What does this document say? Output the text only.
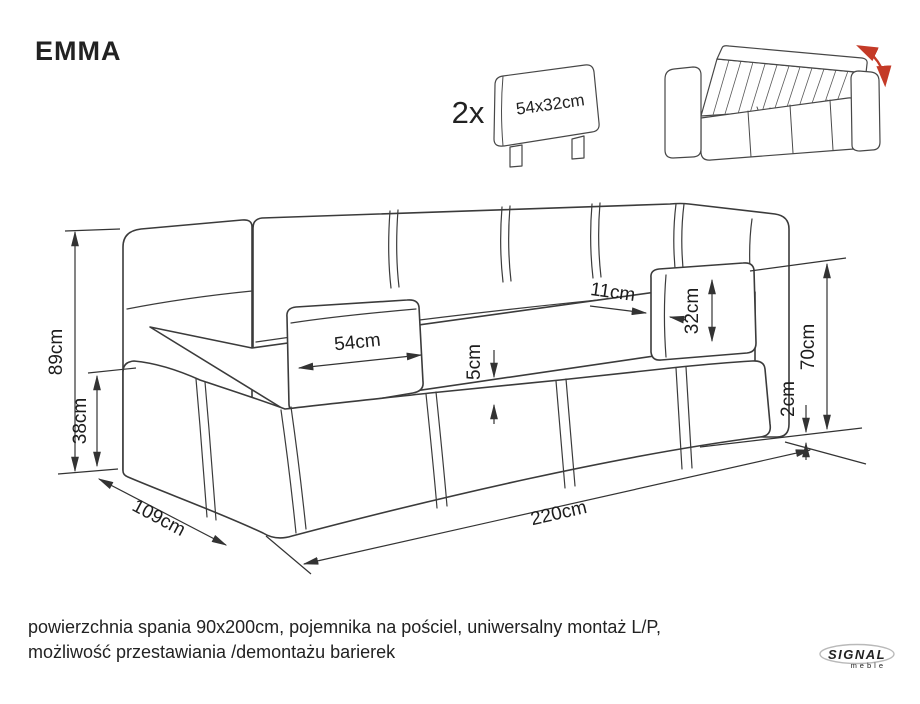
EMMA
2x 54x32cm
89cm
38cm
109cm	220cm
54cm
5cm
11cm 32cm
70cm
2cm
powierzchnia spania 90x200cm, pojemnika na pościel, uniwersalny montaż L/P,
możliwość przestawiania /demontażu barierek	SIGNAL
meble
